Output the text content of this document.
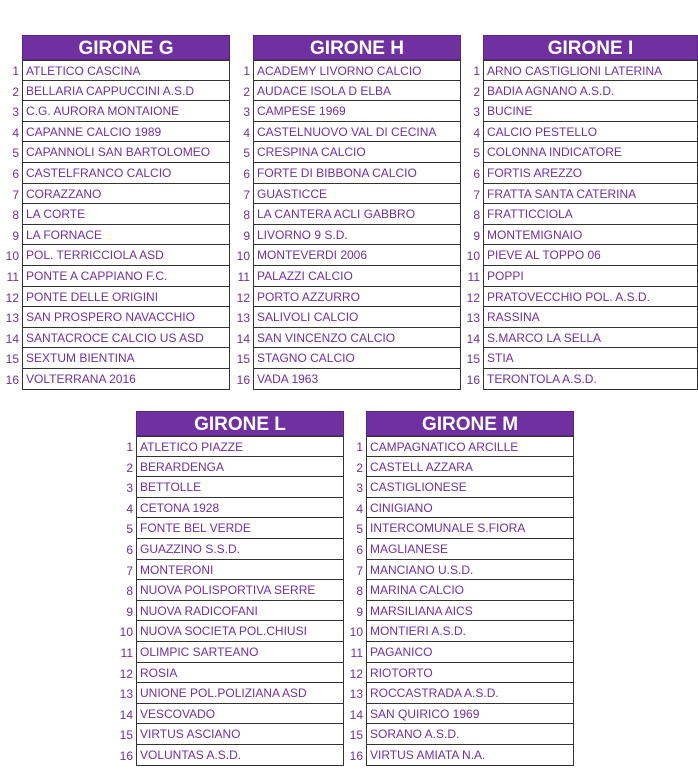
GIRONE G
1 ATLETICO CASCINA
2 BELLARIA CAPPUCCINI A.S.D
3 C.G. AURORA MONTAIONE
4 CAPANNE CALCIO 1989
5 CAPANNOLI SAN BARTOLOMEO
6 CASTELFRANCO CALCIO
7 CORAZZANO
8 LA CORTE
9 LA FORNACE
10 POL. TERRICCIOLA ASD
11 PONTE A CAPPIANO F.C.
12 PONTE DELLE ORIGINI
13 SAN PROSPERO NAVACCHIO
14 SANTACROCE CALCIO US ASD
15 SEXTUM BIENTINA
16 VOLTERRANA 2016
GIRONE H
1 ACADEMY LIVORNO CALCIO
2 AUDACE ISOLA D ELBA
3 CAMPESE 1969
4 CASTELNUOVO VAL DI CECINA
5 CRESPINA CALCIO
6 FORTE DI BIBBONA CALCIO
7 GUASTICCE
8 LA CANTERA ACLI GABBRO
9 LIVORNO 9 S.D.
10 MONTEVERDI 2006
11 PALAZZI CALCIO
12 PORTO AZZURRO
13 SALIVOLI CALCIO
14 SAN VINCENZO CALCIO
15 STAGNO CALCIO
16 VADA 1963
GIRONE I
1 ARNO CASTIGLIONI LATERINA
2 BADIA AGNANO A.S.D.
3 BUCINE
4 CALCIO PESTELLO
5 COLONNA INDICATORE
6 FORTIS AREZZO
7 FRATTA SANTA CATERINA
8 FRATTICCIOLA
9 MONTEMIGNAIO
10 PIEVE AL TOPPO 06
11 POPPI
12 PRATOVECCHIO POL. A.S.D.
13 RASSINA
14 S.MARCO LA SELLA
15 STIA
16 TERONTOLA A.S.D.
GIRONE L
1 ATLETICO PIAZZE
2 BERARDENGA
3 BETTOLLE
4 CETONA 1928
5 FONTE BEL VERDE
6 GUAZZINO S.S.D.
7 MONTERONI
8 NUOVA POLISPORTIVA SERRE
9 NUOVA RADICOFANI
10 NUOVA SOCIETA POL.CHIUSI
11 OLIMPIC SARTEANO
12 ROSIA
13 UNIONE POL.POLIZIANA ASD
14 VESCOVADO
15 VIRTUS ASCIANO
16 VOLUNTAS A.S.D.
GIRONE M
1 CAMPAGNATICO ARCILLE
2 CASTELL AZZARA
3 CASTIGLIONESE
4 CINIGIANO
5 INTERCOMUNALE S.FIORA
6 MAGLIANESE
7 MANCIANO U.S.D.
8 MARINA CALCIO
9 MARSILIANA AICS
10 MONTIERI A.S.D.
11 PAGANICO
12 RIOTORTO
13 ROCCASTRADA A.S.D.
14 SAN QUIRICO 1969
15 SORANO A.S.D.
16 VIRTUS AMIATA N.A.
